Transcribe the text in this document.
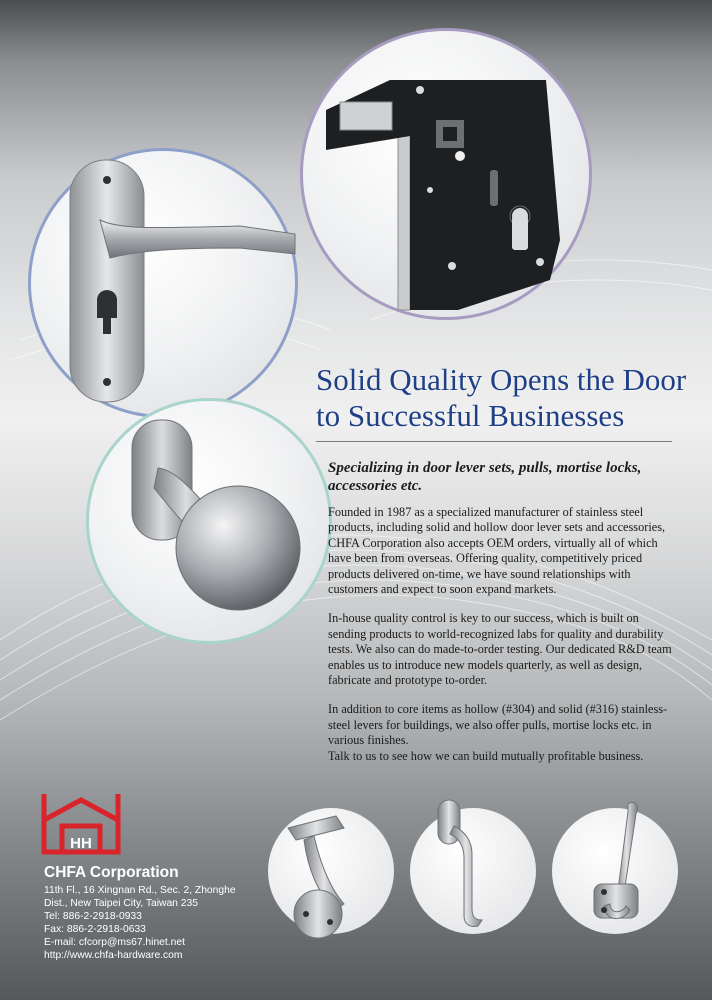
Solid Quality Opens the Door
to Successful Businesses
Specializing in door lever sets, pulls, mortise locks, accessories etc.

Founded in 1987 as a specialized manufacturer of stainless steel products, including solid and hollow door lever sets and accessories, CHFA Corporation also accepts OEM orders, virtually all of which have been from overseas. Offering quality, competitively priced products delivered on-time, we have sound relationships with customers and expect to soon expand markets.

In-house quality control is key to our success, which is built on sending products to world-recognized labs for quality and durability tests. We also can do made-to-order testing. Our dedicated R&D team enables us to introduce new models quarterly, as well as design, fabricate and prototype to-order.

In addition to core items as hollow (#304) and solid (#316) stainless-steel levers for buildings, we also offer pulls, mortise locks etc. in various finishes.

Talk to us to see how we can build mutually profitable business.

HH
CHFA Corporation
11th Fl., 16 Xingnan Rd., Sec. 2, Zhonghe
Dist., New Taipei City, Taiwan 235
Tel: 886-2-2918-0933
Fax: 886-2-2918-0633
E-mail: cfcorp@ms67.hinet.net
http://www.chfa-hardware.com
